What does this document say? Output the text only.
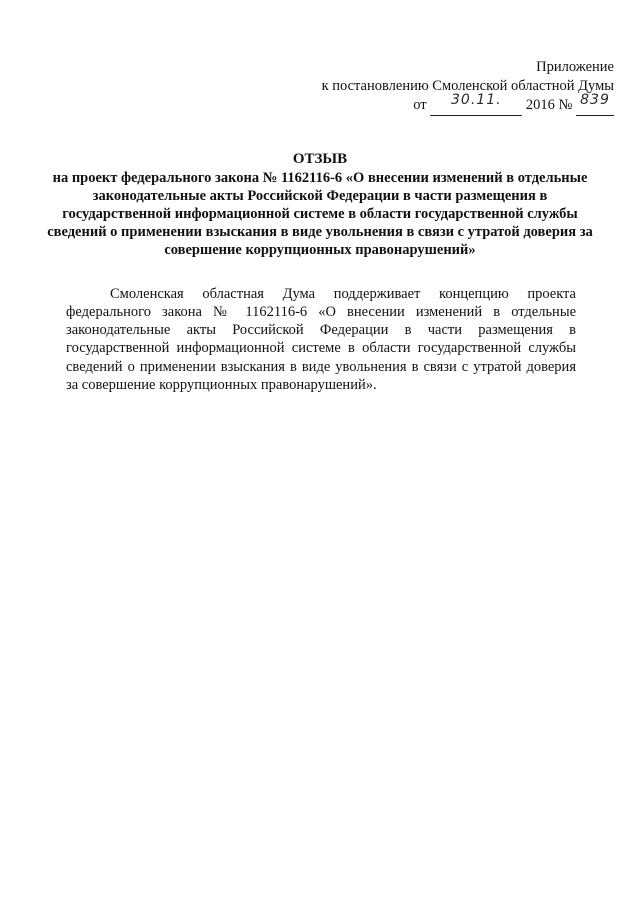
Приложение
к постановлению Смоленской областной Думы
от	30.11.	2016 № 839
ОТЗЫВ
на проект федерального закона № 1162116-6 «О внесении изменений в отдельные законодательные акты Российской Федерации в части размещения в государственной информационной системе в области государственной службы сведений о применении взыскания в виде увольнения в связи с утратой доверия за совершение коррупционных правонарушений»

Смоленская областная Дума поддерживает концепцию проекта федерального закона № 1162116-6 «О внесении изменений в отдельные законодательные акты Российской Федерации в части размещения в государственной информационной системе в области государственной службы сведений о применении взыскания в виде увольнения в связи с утратой доверия за совершение коррупционных правонарушений».
